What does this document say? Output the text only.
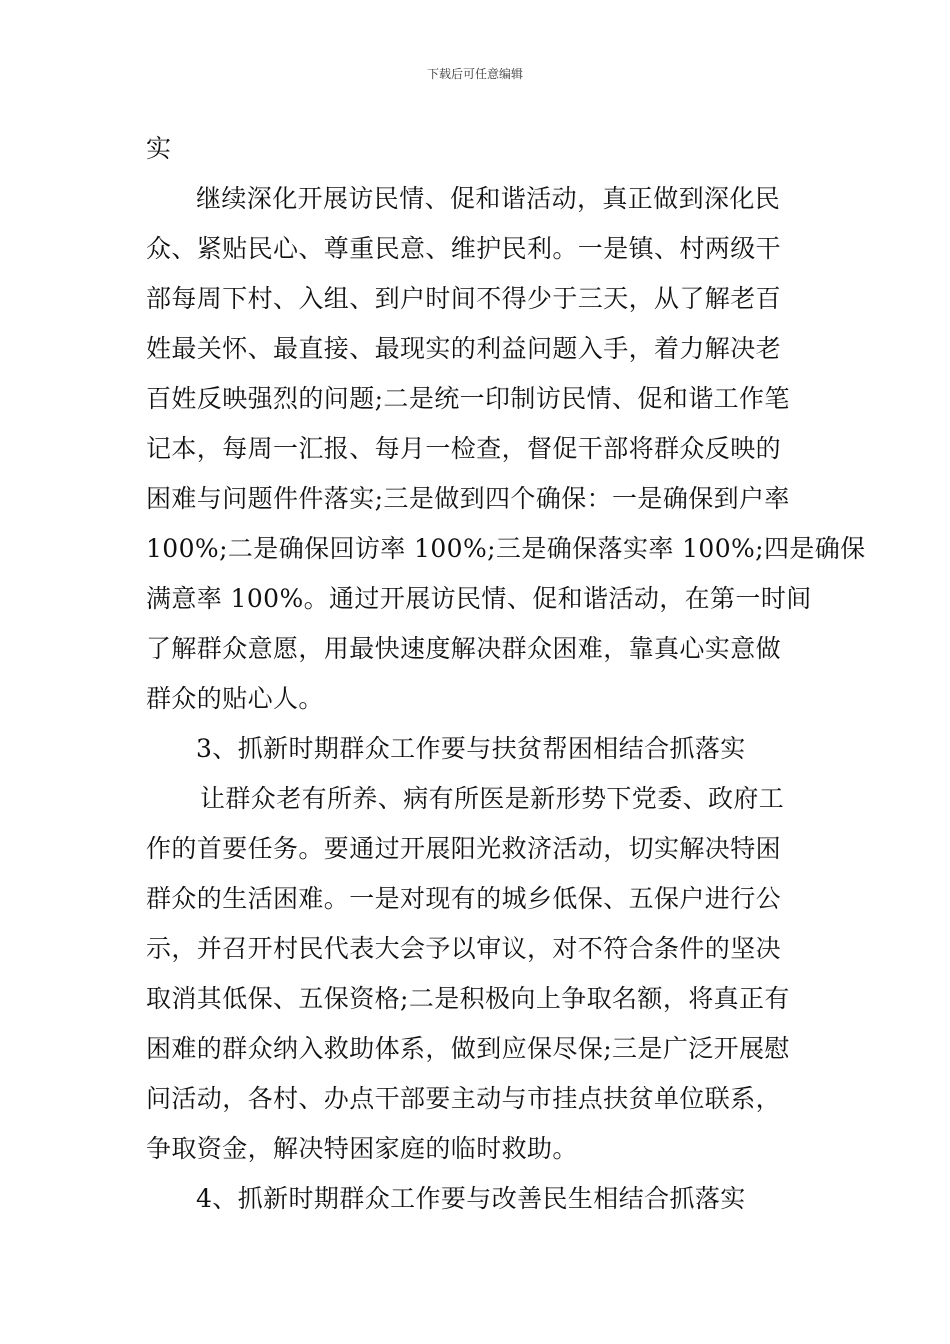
下载后可任意编辑
实
继续深化开展访民情、促和谐活动，真正做到深化民
众、紧贴民心、尊重民意、维护民利。一是镇、村两级干
部每周下村、入组、到户时间不得少于三天，从了解老百
姓最关怀、最直接、最现实的利益问题入手，着力解决老
百姓反映强烈的问题;二是统一印制访民情、促和谐工作笔
记本，每周一汇报、每月一检查，督促干部将群众反映的
困难与问题件件落实;三是做到四个确保：一是确保到户率
100%;二是确保回访率 100%;三是确保落实率 100%;四是确保
满意率 100%。通过开展访民情、促和谐活动，在第一时间
了解群众意愿，用最快速度解决群众困难，靠真心实意做
群众的贴心人。
3、抓新时期群众工作要与扶贫帮困相结合抓落实
让群众老有所养、病有所医是新形势下党委、政府工
作的首要任务。要通过开展阳光救济活动，切实解决特困
群众的生活困难。一是对现有的城乡低保、五保户进行公
示，并召开村民代表大会予以审议，对不符合条件的坚决
取消其低保、五保资格;二是积极向上争取名额，将真正有
困难的群众纳入救助体系，做到应保尽保;三是广泛开展慰
问活动，各村、办点干部要主动与市挂点扶贫单位联系，
争取资金，解决特困家庭的临时救助。
4、抓新时期群众工作要与改善民生相结合抓落实
